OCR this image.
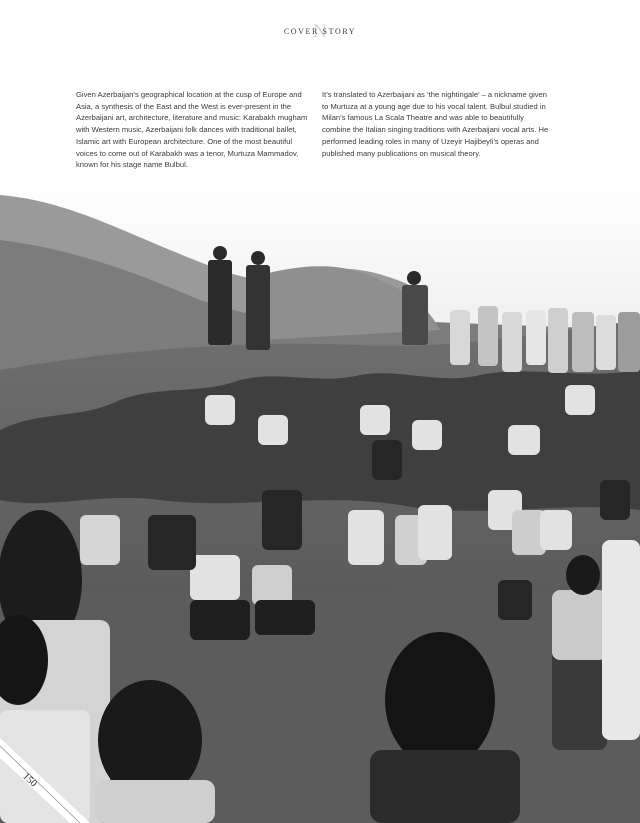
N
COVER STORY

Given Azerbaijan’s geographical location at the cusp of Europe and Asia, a synthesis of the East and the West is ever-present in the Azerbaijani art, architecture, literature and music: Karabakh mugham with Western music, Azerbaijani folk dances with traditional ballet, Islamic art with European architecture. One of the most beautiful voices to come out of Karabakh was a tenor, Murtuza Mammadov, known for his stage name Bulbul.

It’s translated to Azerbaijani as ‘the nightingale’ – a nickname given to Murtuza at a young age due to his vocal talent. Bulbul studied in Milan’s famous La Scala Theatre and was able to beautifully combine the Italian singing traditions with Azerbaijani vocal arts. He performed leading roles in many of Uzeyir Hajibeyli’s operas and published many publications on musical theory.

150
